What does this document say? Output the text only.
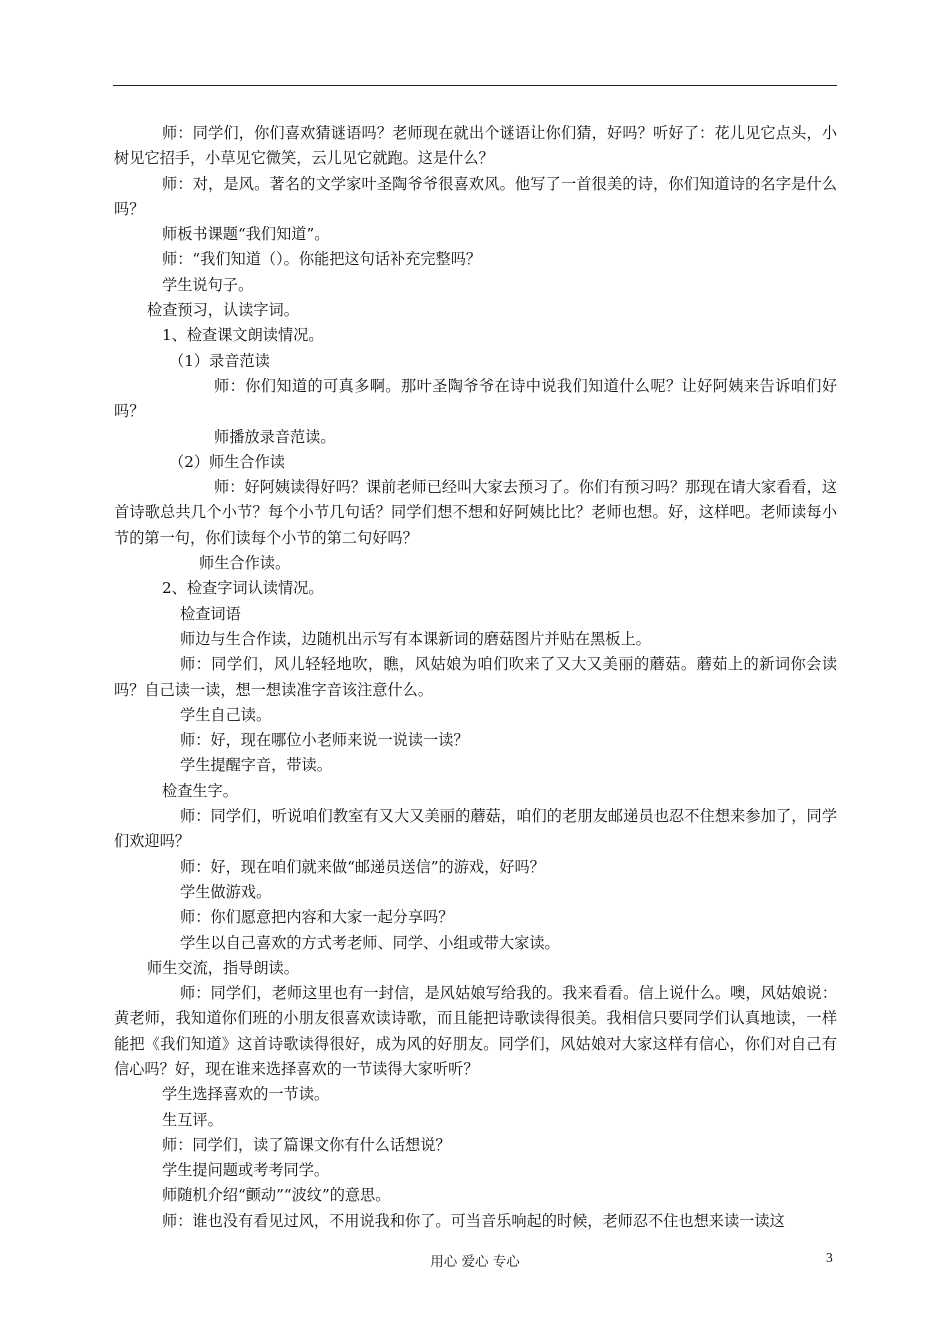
师：同学们，你们喜欢猜谜语吗？老师现在就出个谜语让你们猜，好吗？听好了：花儿见它点头，小树见它招手，小草见它微笑，云儿见它就跑。这是什么？

师：对，是风。著名的文学家叶圣陶爷爷很喜欢风。他写了一首很美的诗，你们知道诗的名字是什么吗？

师板书课题“我们知道”。

师：“我们知道（）。你能把这句话补充完整吗？

学生说句子。

检查预习，认读字词。

1、检查课文朗读情况。

（1）录音范读

师：你们知道的可真多啊。那叶圣陶爷爷在诗中说我们知道什么呢？让好阿姨来告诉咱们好吗？

师播放录音范读。

（2）师生合作读

师：好阿姨读得好吗？课前老师已经叫大家去预习了。你们有预习吗？那现在请大家看看，这首诗歌总共几个小节？每个小节几句话？同学们想不想和好阿姨比比？老师也想。好，这样吧。老师读每小节的第一句，你们读每个小节的第二句好吗？

师生合作读。

2、检查字词认读情况。

检查词语

师边与生合作读，边随机出示写有本课新词的磨菇图片并贴在黑板上。

师：同学们，风儿轻轻地吹，瞧，风姑娘为咱们吹来了又大又美丽的蘑菇。蘑茹上的新词你会读吗？自己读一读，想一想读准字音该注意什么。

学生自己读。

师：好，现在哪位小老师来说一说读一读？

学生提醒字音，带读。

检查生字。

师：同学们，听说咱们教室有又大又美丽的蘑菇，咱们的老朋友邮递员也忍不住想来参加了，同学们欢迎吗？

师：好，现在咱们就来做“邮递员送信”的游戏，好吗？

学生做游戏。

师：你们愿意把内容和大家一起分享吗？

学生以自己喜欢的方式考老师、同学、小组或带大家读。

师生交流，指导朗读。

师：同学们，老师这里也有一封信，是风姑娘写给我的。我来看看。信上说什么。噢，风姑娘说：黄老师，我知道你们班的小朋友很喜欢读诗歌，而且能把诗歌读得很美。我相信只要同学们认真地读，一样能把《我们知道》这首诗歌读得很好，成为风的好朋友。同学们，风姑娘对大家这样有信心，你们对自己有信心吗？好，现在谁来选择喜欢的一节读得大家听听？

学生选择喜欢的一节读。

生互评。

师：同学们，读了篇课文你有什么话想说？

学生提问题或考考同学。

师随机介绍“颤动”“波纹”的意思。

师：谁也没有看见过风，不用说我和你了。可当音乐响起的时候，老师忍不住也想来读一读这

用心 爱心 专心	3
